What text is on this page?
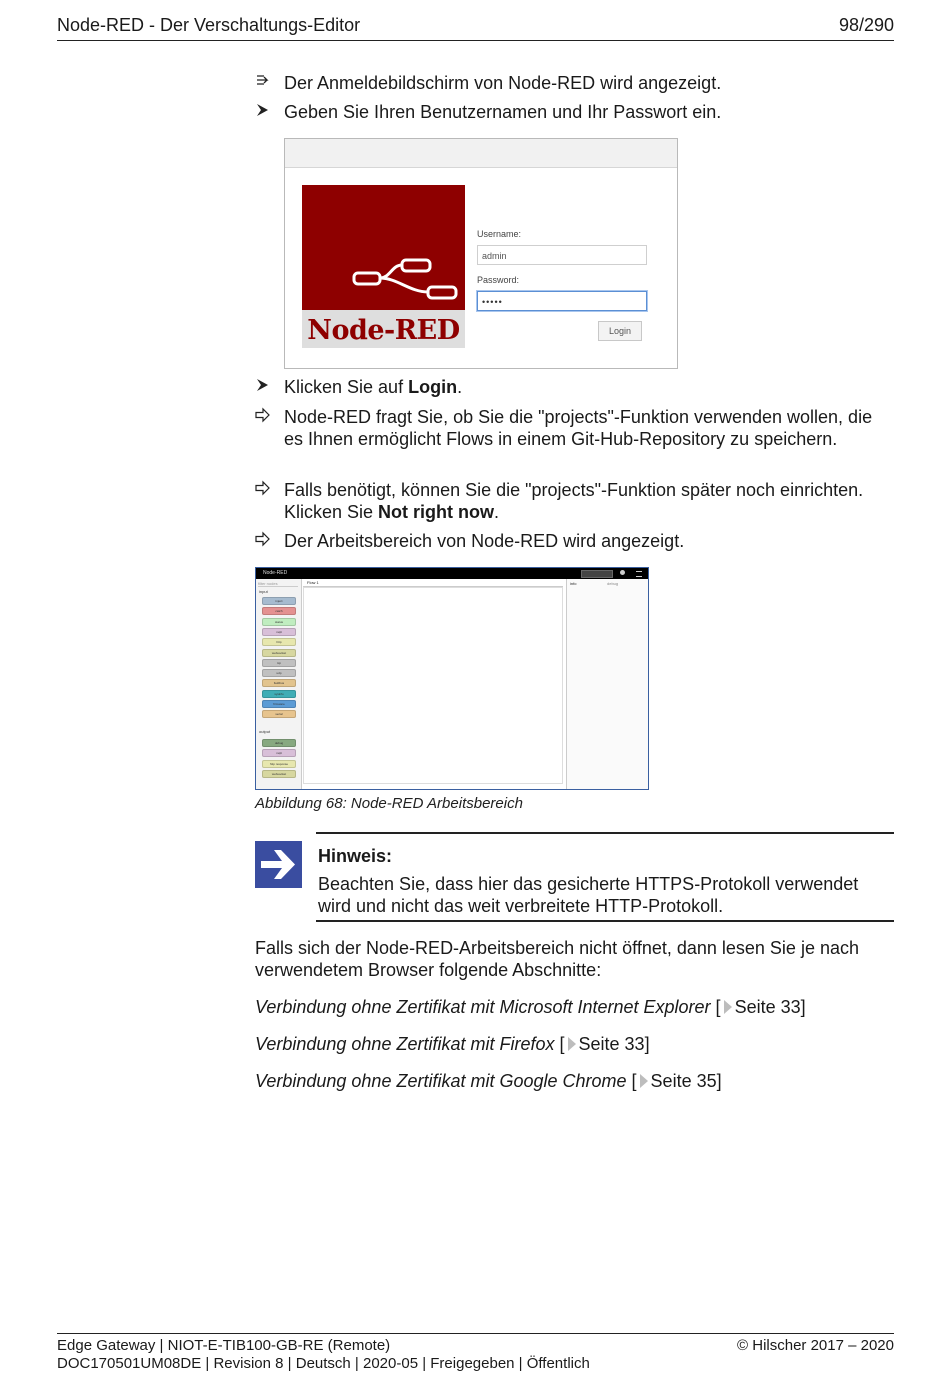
Node-RED - Der Verschaltungs-Editor	98/290
Der Anmeldebildschirm von Node-RED wird angezeigt.
Geben Sie Ihren Benutzernamen und Ihr Passwort ein.
Node-RED
Username:
admin
Password:
•••••
Login
Klicken Sie auf Login.
Node-RED fragt Sie, ob Sie die "projects"-Funktion verwenden wollen, die es Ihnen ermöglicht Flows in einem Git-Hub-Repository zu speichern.
Falls benötigt, können Sie die "projects"-Funktion später noch einrichten. Klicken Sie Not right now.
Der Arbeitsbereich von Node-RED wird angezeigt.
Node-RED
filter nodes
input
inject
catch
status
mqtt
http
websocket
tcp
udp
fieldbus
sysinfo
firmware
serial
output
debug
mqtt
http response
websocket
Flow 1	info	debug
Abbildung 68: Node-RED Arbeitsbereich
Hinweis:
Beachten Sie, dass hier das gesicherte HTTPS-Protokoll verwendet wird und nicht das weit verbreitete HTTP-Protokoll.
Falls sich der Node-RED-Arbeitsbereich nicht öffnet, dann lesen Sie je nach verwendetem Browser folgende Abschnitte:
Verbindung ohne Zertifikat mit Microsoft Internet Explorer [ Seite 33]
Verbindung ohne Zertifikat mit Firefox [ Seite 33]
Verbindung ohne Zertifikat mit Google Chrome [ Seite 35]
Edge Gateway | NIOT-E-TIB100-GB-RE (Remote)
DOC170501UM08DE | Revision 8 | Deutsch | 2020-05 | Freigegeben | Öffentlich
© Hilscher 2017 – 2020
